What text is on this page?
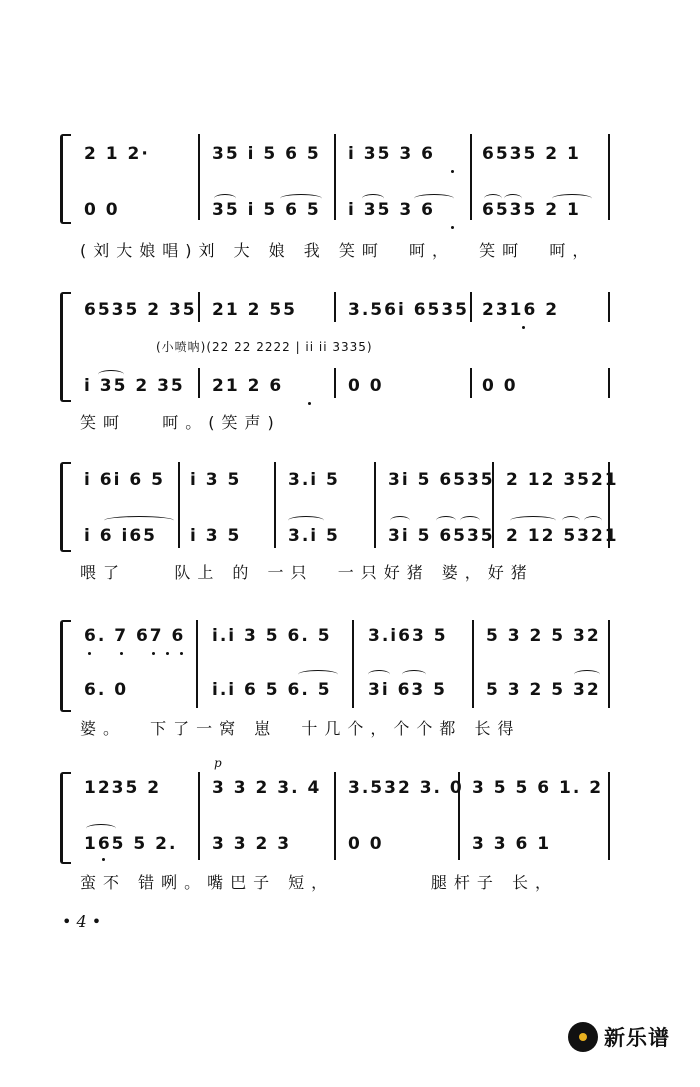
2 1 2·	35 i 5 6 5 i 35 3 6	6535 2 1
0 0	35 i 5 6 5 i 35 3 6	6535 2 1
(刘大娘唱)刘 大 娘 我 笑呵  呵，  笑呵  呵，
6535 2 35 21 2 55	3.56i 6535 2316 2
(小喷呐)(22 22 2222 | ii ii 3335)
i 35 2 35 21 2 6	0 0	0 0
笑呵   呵。(笑声)
i 6i 6 5 i 3 5	3.i 5	3i 5 6535 2 12 3521
i 6 i65 i 3 5	3.i 5	3i 5 6535 2 12 5321
喂了    队上 的 一只  一只好猪 婆，好猪
6. 7 67 6 i.i 3 5 6. 5 3.i63 5 5 3 2 5 32
6. 0	i.i 6 5 6. 5 3i 63 5 5 3 2 5 32
婆。  下了一窝 崽  十几个，个个都 长得
p
1235 2	3 3 2 3. 4 3.532 3. 0 3 5 5 6 1. 2
165 5 2. 3 3 2 3	0 0	3 3 6 1
蛮不 错咧。嘴巴子 短，        腿杆子 长，
• 4 •
新乐谱
